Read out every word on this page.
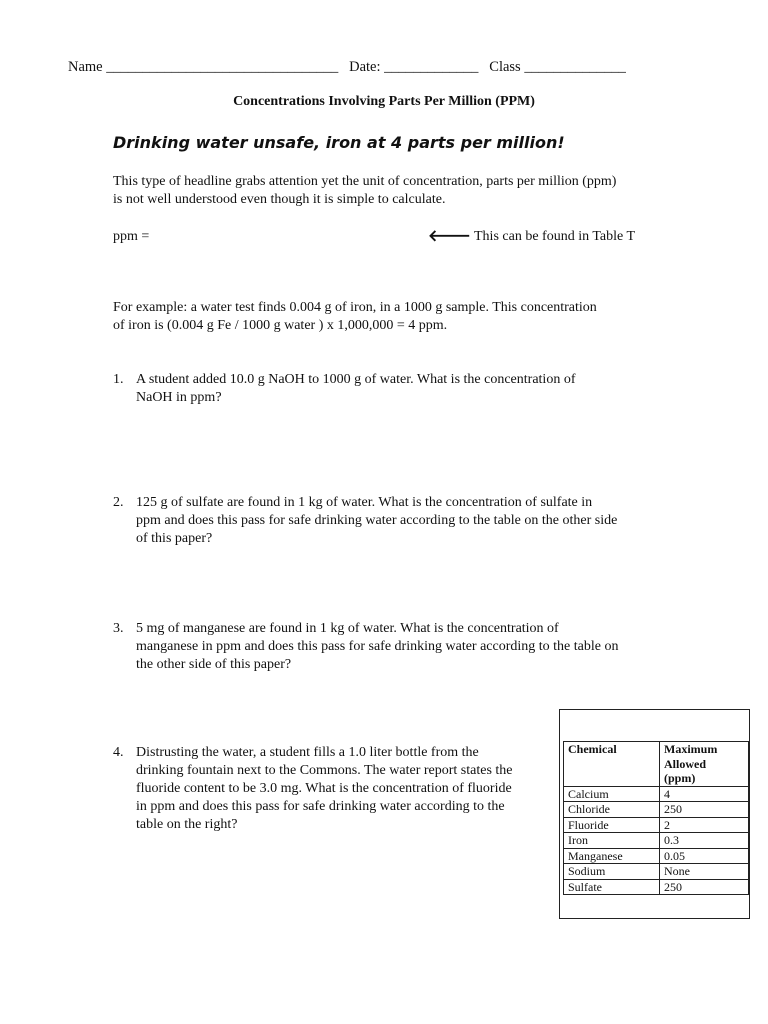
Name ________________________________ Date: _____________ Class ______________
Concentrations Involving Parts Per Million (PPM)
Drinking water unsafe, iron at 4 parts per million!
This type of headline grabs attention yet the unit of concentration, parts per million (ppm)
is not well understood even though it is simple to calculate.
ppm =	🡐 This can be found in Table T
For example: a water test finds 0.004 g of iron, in a 1000 g sample. This concentration
of iron is (0.004 g Fe / 1000 g water ) x 1,000,000 = 4 ppm.
1. A student added 10.0 g NaOH to 1000 g of water. What is the concentration of
NaOH in ppm?
2. 125 g of sulfate are found in 1 kg of water. What is the concentration of sulfate in
ppm and does this pass for safe drinking water according to the table on the other side
of this paper?
3. 5 mg of manganese are found in 1 kg of water. What is the concentration of
manganese in ppm and does this pass for safe drinking water according to the table on
the other side of this paper?
4. Distrusting the water, a student fills a 1.0 liter bottle from the
drinking fountain next to the Commons. The water report states the
fluoride content to be 3.0 mg. What is the concentration of fluoride
in ppm and does this pass for safe drinking water according to the
table on the right?
Chemical	Maximum
Allowed
(ppm)

Calcium	4
Chloride	250
Fluoride	2
Iron	0.3
Manganese	0.05
Sodium	None
Sulfate	250
